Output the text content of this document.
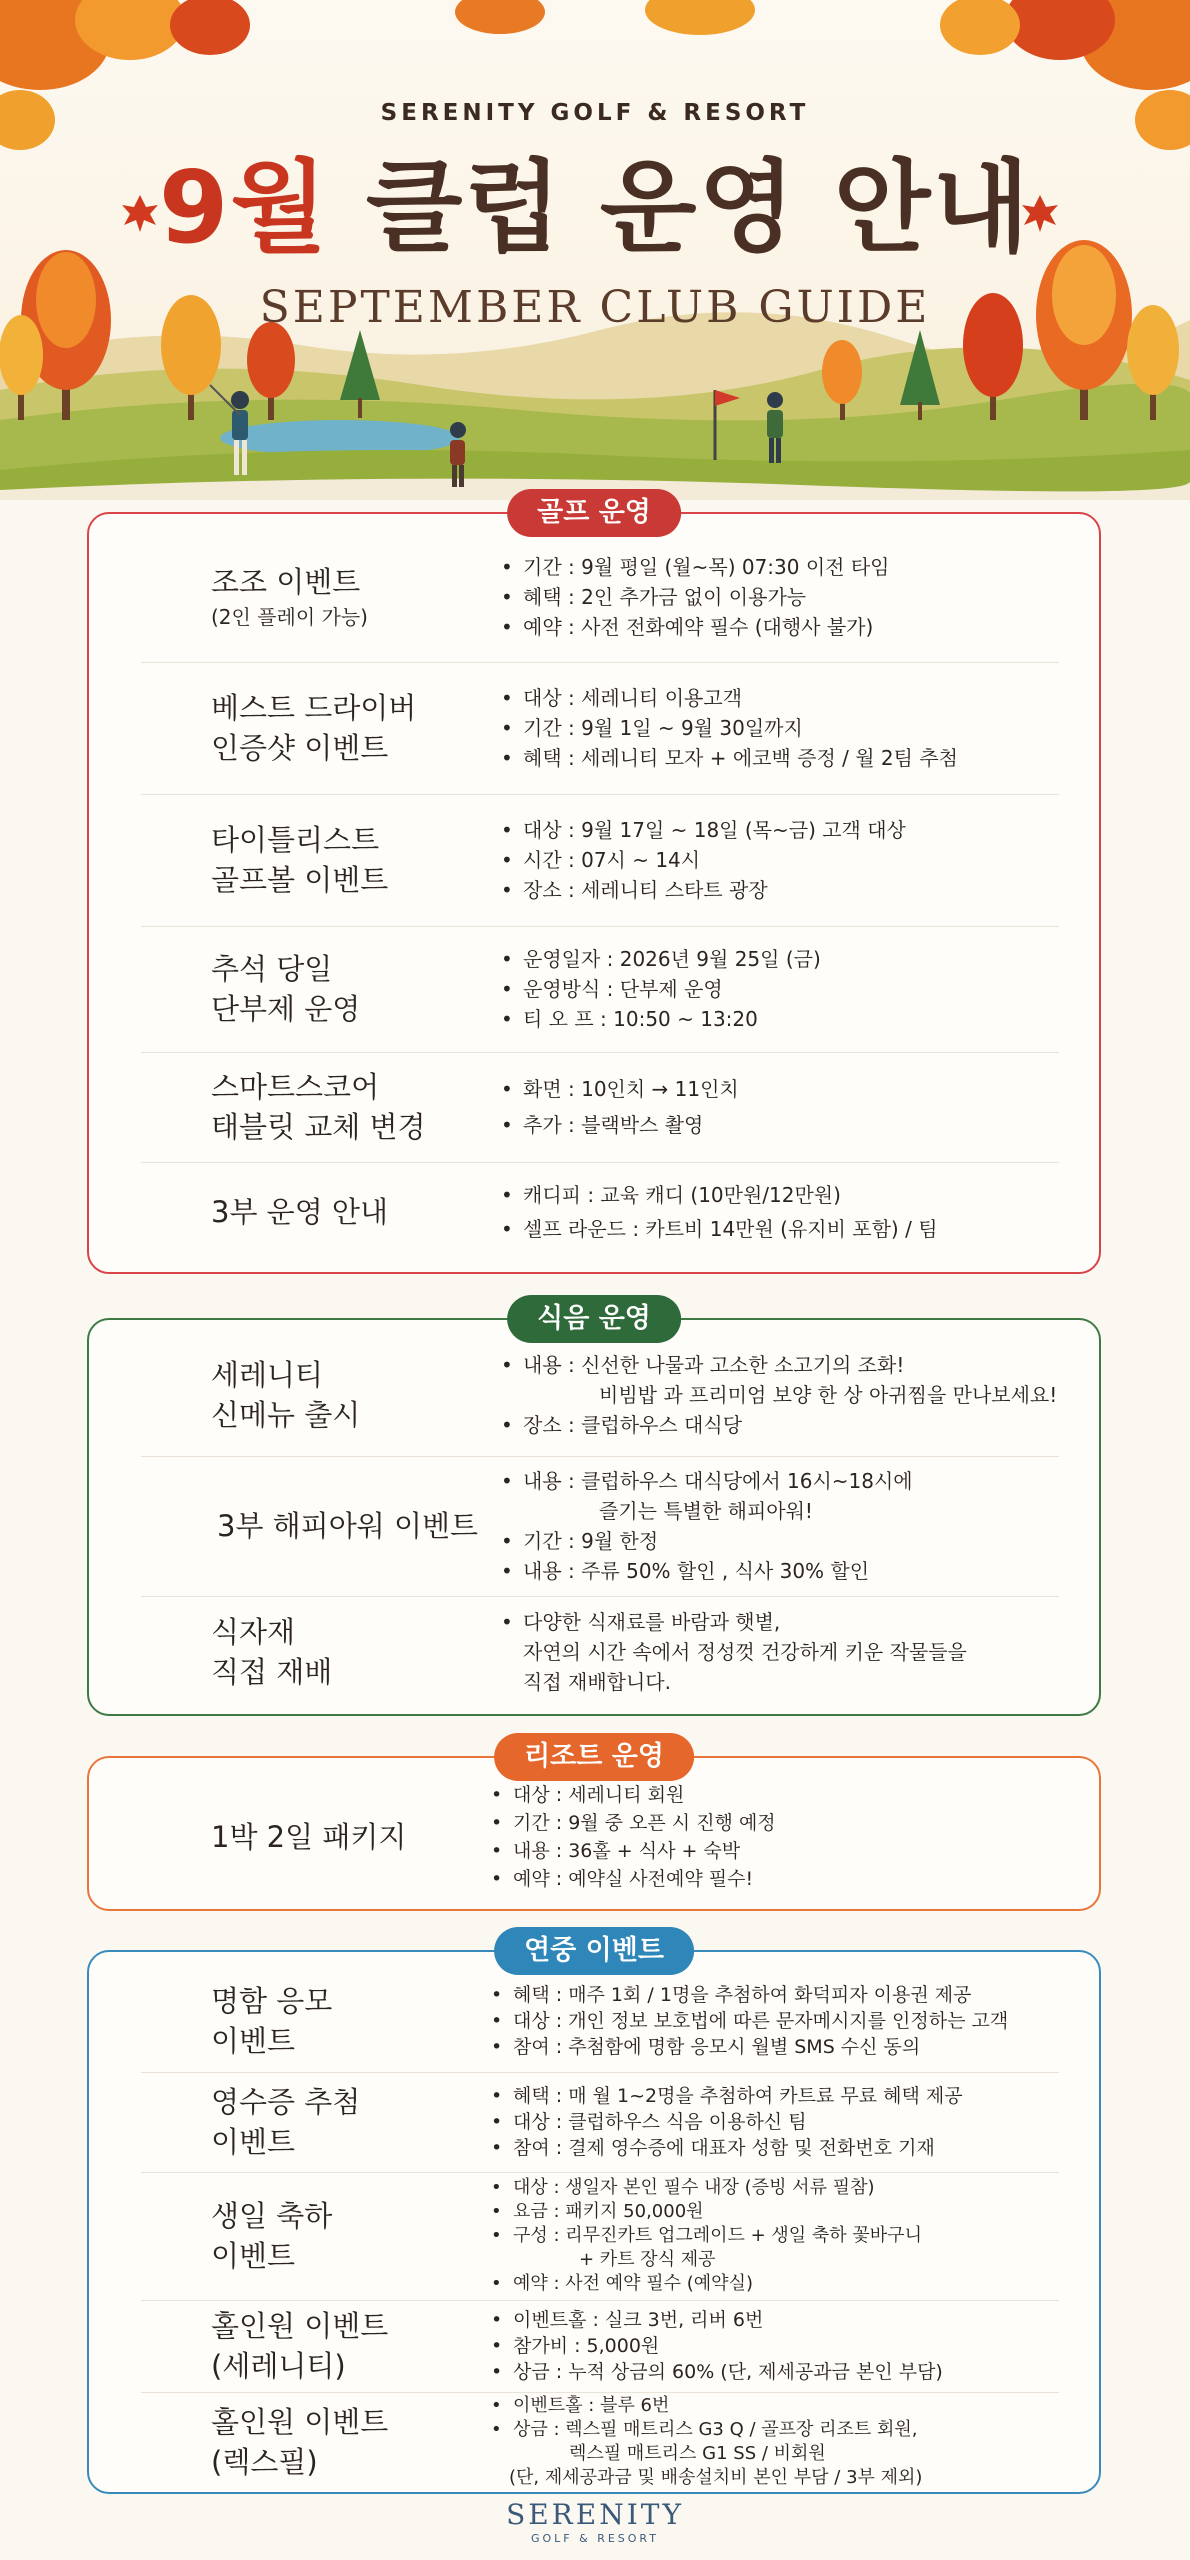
SERENITY GOLF & RESORT
9월 클럽 운영 안내
SEPTEMBER CLUB GUIDE
골프 운영
조조 이벤트
(2인 플레이 가능)
• 기간 : 9월 평일 (월~목) 07:30 이전 타임
• 혜택 : 2인 추가금 없이 이용가능
• 예약 : 사전 전화예약 필수 (대행사 불가)
베스트 드라이버
인증샷 이벤트
• 대상 : 세레니티 이용고객
• 기간 : 9월 1일 ~ 9월 30일까지
• 혜택 : 세레니티 모자 + 에코백 증정 / 월 2팀 추첨
타이틀리스트
골프볼 이벤트
• 대상 : 9월 17일 ~ 18일 (목~금) 고객 대상
• 시간 : 07시 ~ 14시
• 장소 : 세레니티 스타트 광장
추석 당일
단부제 운영
• 운영일자 : 2026년 9월 25일 (금)
• 운영방식 : 단부제 운영
• 티 오 프 : 10:50 ~ 13:20
스마트스코어
태블릿 교체 변경
• 화면 : 10인치 → 11인치
• 추가 : 블랙박스 촬영
3부 운영 안내
•	캐디피 : 교육 캐디 (10만원/12만원)
• 셀프 라운드 : 카트비 14만원 (유지비 포함) / 팀
식음 운영
세레니티
신메뉴 출시
• 내용 : 신선한 나물과 고소한 소고기의 조화!
비빔밥 과 프리미엄 보양 한 상 아귀찜을 만나보세요!
• 장소 : 클럽하우스 대식당
3부 해피아워 이벤트
• 내용 : 클럽하우스 대식당에서 16시~18시에
즐기는 특별한 해피아워!
• 기간 : 9월 한정
• 내용 : 주류 50% 할인 , 식사 30% 할인
식자재
직접 재배
• 다양한 식재료를 바람과 햇볕,
자연의 시간 속에서 정성껏 건강하게 키운 작물들을
직접 재배합니다.
리조트 운영
1박 2일 패키지
• 대상 : 세레니티 회원
• 기간 : 9월 중 오픈 시 진행 예정
• 내용 : 36홀 + 식사 + 숙박
• 예약 : 예약실 사전예약 필수!
연중 이벤트
명함 응모
이벤트
• 혜택 : 매주 1회 / 1명을 추첨하여 화덕피자 이용권 제공
• 대상 : 개인 정보 보호법에 따른 문자메시지를 인정하는 고객
• 참여 : 추첨함에 명함 응모시 월별 SMS 수신 동의
영수증 추첨
이벤트
• 혜택 : 매 월 1~2명을 추첨하여 카트료 무료 혜택 제공
• 대상 : 클럽하우스 식음 이용하신 팀
• 참여 : 결제 영수증에 대표자 성함 및 전화번호 기재
생일 축하
이벤트
• 대상 : 생일자 본인 필수 내장 (증빙 서류 필참)
• 요금 : 패키지 50,000원
• 구성 : 리무진카트 업그레이드 + 생일 축하 꽃바구니
+ 카트 장식 제공
• 예약 : 사전 예약 필수 (예약실)
홀인원 이벤트
(세레니티)
• 이벤트홀 : 실크 3번, 리버 6번
• 참가비 : 5,000원
• 상금 : 누적 상금의 60% (단, 제세공과금 본인 부담)
홀인원 이벤트
(렉스필)
• 이벤트홀 : 블루 6번
• 상금 : 렉스필 매트리스 G3 Q / 골프장 리조트 회원,
렉스필 매트리스 G1 SS / 비회원
(단, 제세공과금 및 배송설치비 본인 부담 / 3부 제외)
SERENITY
GOLF & RESORT
